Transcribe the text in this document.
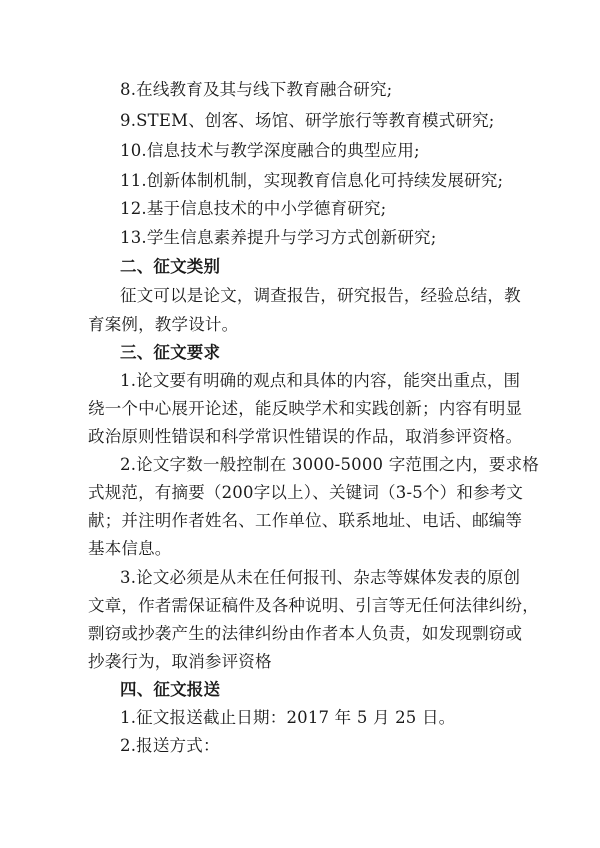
8.在线教育及其与线下教育融合研究;
9.STEM、创客、场馆、研学旅行等教育模式研究;
10.信息技术与教学深度融合的典型应用;
11.创新体制机制，实现教育信息化可持续发展研究;
12.基于信息技术的中小学德育研究;
13.学生信息素养提升与学习方式创新研究;
二、征文类别
征文可以是论文，调查报告，研究报告，经验总结，教
育案例，教学设计。
三、征文要求
1.论文要有明确的观点和具体的内容，能突出重点，围
绕一个中心展开论述，能反映学术和实践创新；内容有明显
政治原则性错误和科学常识性错误的作品，取消参评资格。
2.论文字数一般控制在 3000-5000 字范围之内，要求格
式规范，有摘要（200字以上）、关键词（3-5个）和参考文
献；并注明作者姓名、工作单位、联系地址、电话、邮编等
基本信息。
3.论文必须是从未在任何报刊、杂志等媒体发表的原创
文章，作者需保证稿件及各种说明、引言等无任何法律纠纷，
剽窃或抄袭产生的法律纠纷由作者本人负责，如发现剽窃或
抄袭行为，取消参评资格
四、征文报送
1.征文报送截止日期：2017 年 5 月 25 日。
2.报送方式：
